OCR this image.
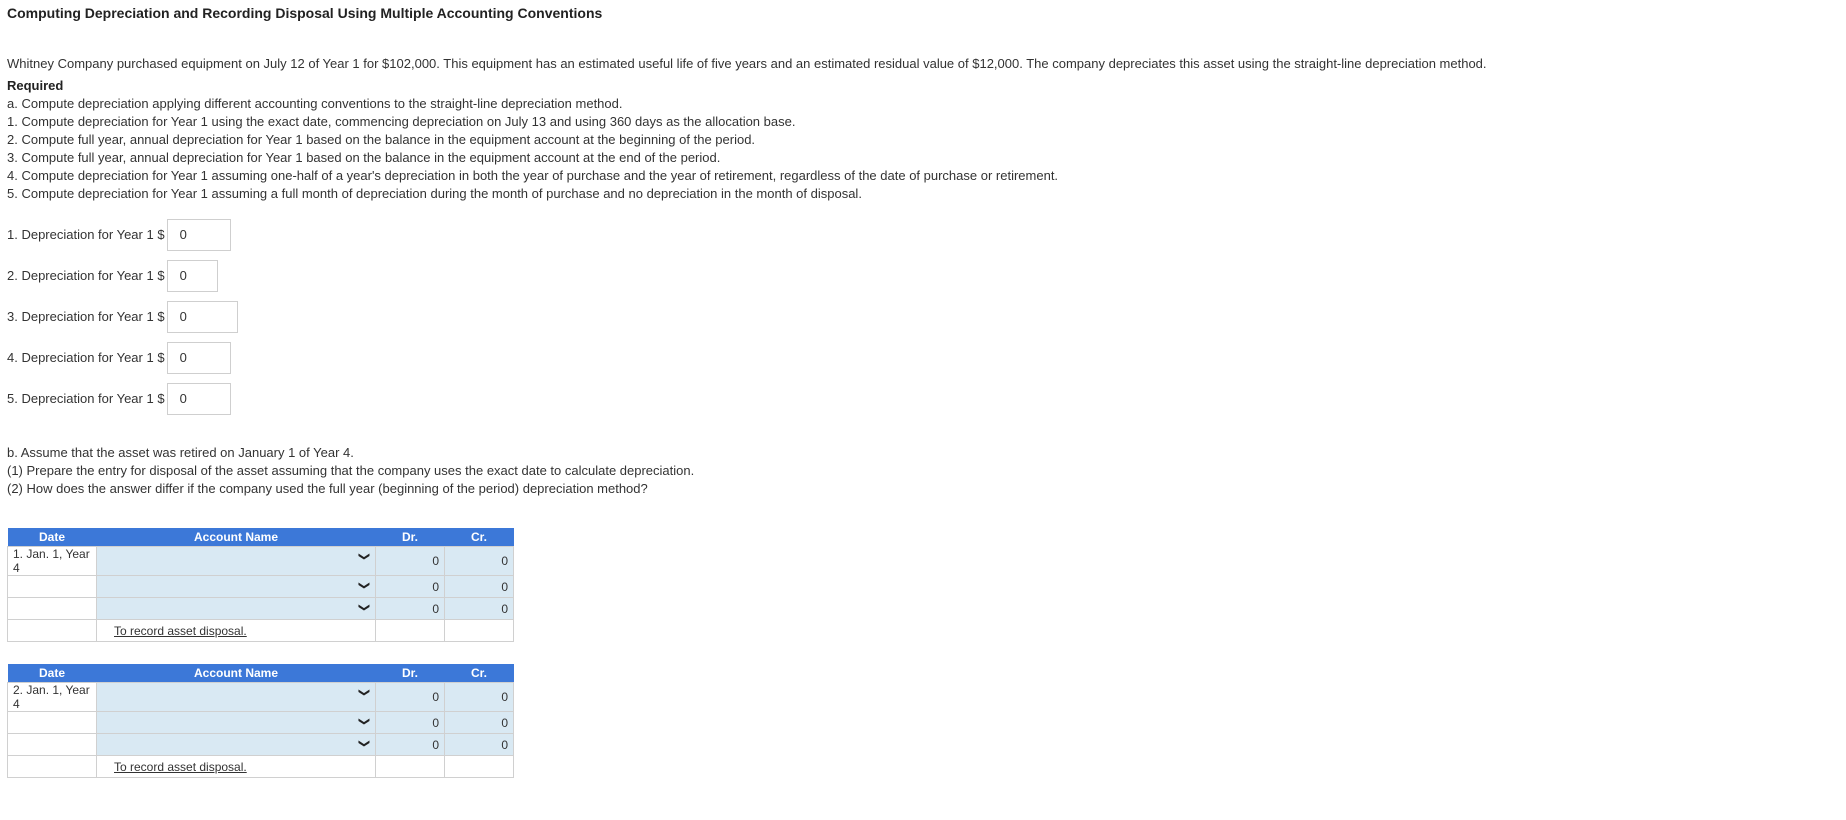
Computing Depreciation and Recording Disposal Using Multiple Accounting Conventions
Whitney Company purchased equipment on July 12 of Year 1 for $102,000. This equipment has an estimated useful life of five years and an estimated residual value of $12,000. The company depreciates this asset using the straight-line depreciation method.
Required
a. Compute depreciation applying different accounting conventions to the straight-line depreciation method.
1. Compute depreciation for Year 1 using the exact date, commencing depreciation on July 13 and using 360 days as the allocation base.
2. Compute full year, annual depreciation for Year 1 based on the balance in the equipment account at the beginning of the period.
3. Compute full year, annual depreciation for Year 1 based on the balance in the equipment account at the end of the period.
4. Compute depreciation for Year 1 assuming one-half of a year's depreciation in both the year of purchase and the year of retirement, regardless of the date of purchase or retirement.
5. Compute depreciation for Year 1 assuming a full month of depreciation during the month of purchase and no depreciation in the month of disposal.
1. Depreciation for Year 1 $	0
2. Depreciation for Year 1 $	0
3. Depreciation for Year 1 $	0
4. Depreciation for Year 1 $	0
5. Depreciation for Year 1 $	0
b. Assume that the asset was retired on January 1 of Year 4.
(1) Prepare the entry for disposal of the asset assuming that the company uses the exact date to calculate depreciation.
(2) How does the answer differ if the company used the full year (beginning of the period) depreciation method?
Date	Account Name	Dr.	Cr.
1. Jan. 1, Year 4	❯	0	0

	❯	0	0

	❯	0	0
	To record asset disposal.		
Date	Account Name	Dr.	Cr.
2. Jan. 1, Year 4	❯	0	0

	❯	0	0

	❯	0	0
	To record asset disposal.		
